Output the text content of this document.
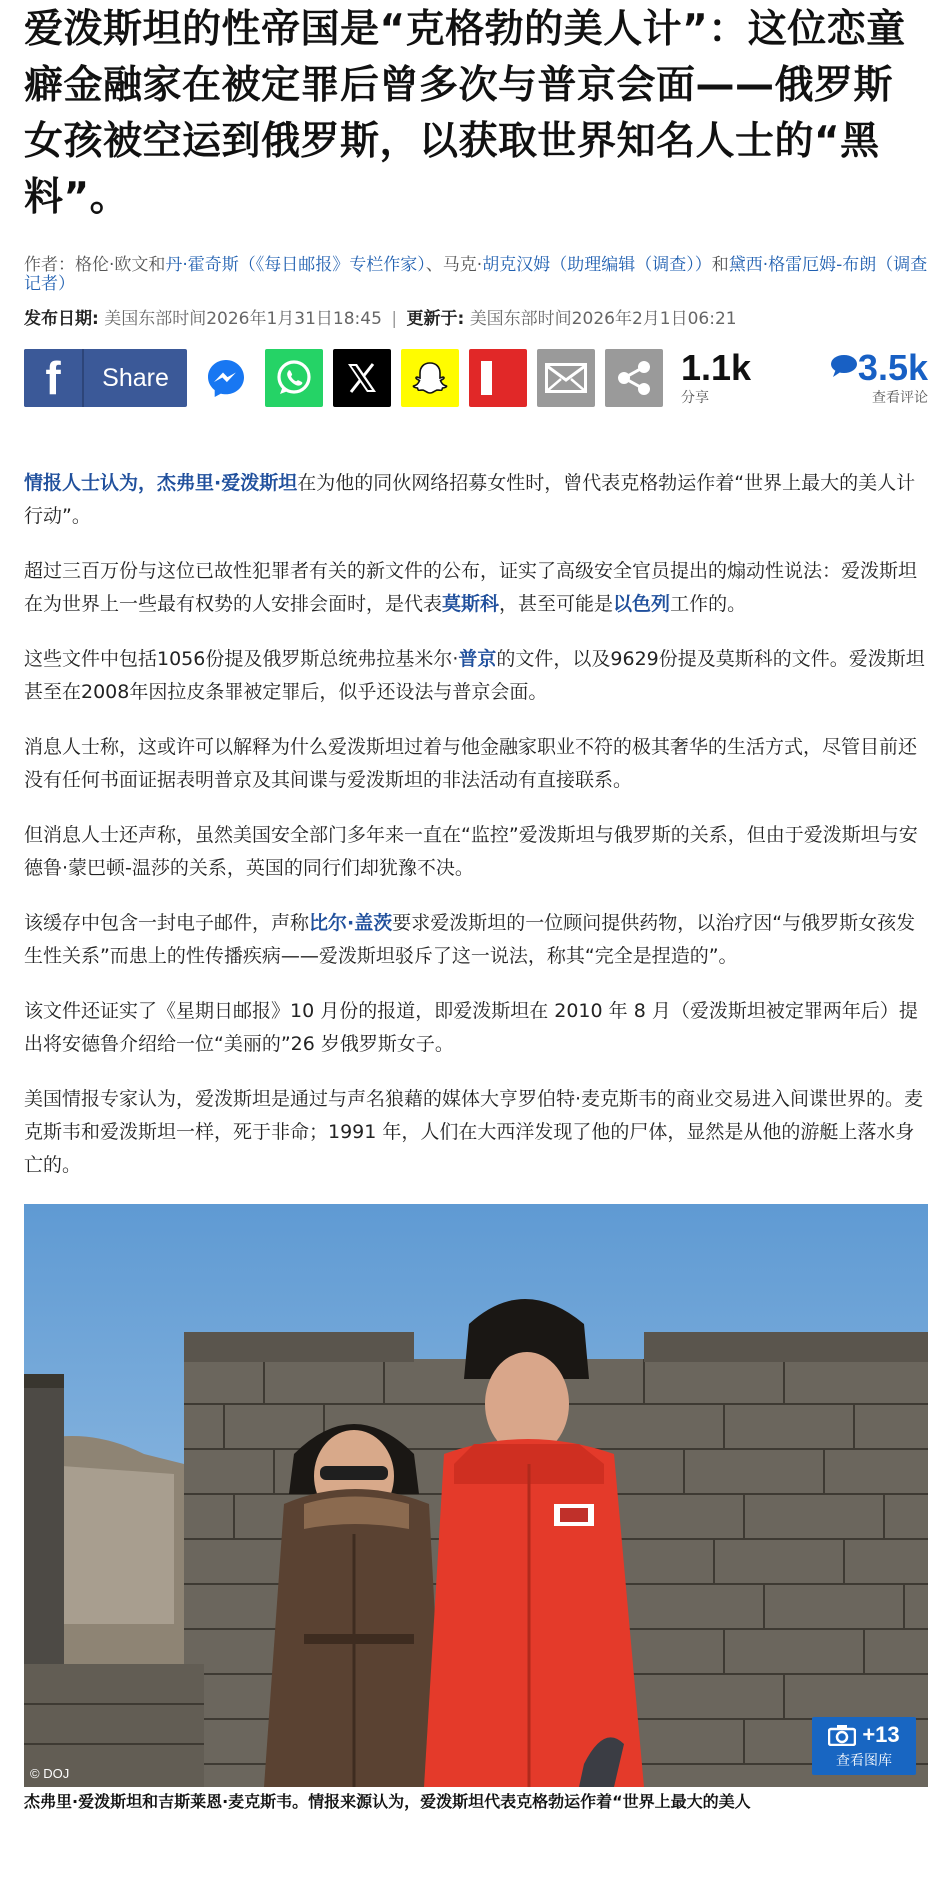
爱泼斯坦的性帝国是“克格勃的美人计”：这位恋童癖金融家在被定罪后曾多次与普京会面——俄罗斯女孩被空运到俄罗斯，以获取世界知名人士的“黑料”。
作者：格伦·欧文和丹·霍奇斯（《每日邮报》专栏作家）、马克·胡克汉姆（助理编辑（调查））和黛西·格雷厄姆-布朗（调查记者）
发布日期: 美国东部时间2026年1月31日18:45 | 更新于: 美国东部时间2026年2月1日06:21
f	Share	1.1k
分享
3.5k
查看评论

情报人士认为，杰弗里·爱泼斯坦在为他的同伙网络招募女性时，曾代表克格勃运作着“世界上最大的美人计行动”。

超过三百万份与这位已故性犯罪者有关的新文件的公布，证实了高级安全官员提出的煽动性说法：爱泼斯坦在为世界上一些最有权势的人安排会面时，是代表莫斯科，甚至可能是以色列工作的。

这些文件中包括1056份提及俄罗斯总统弗拉基米尔·普京的文件，以及9629份提及莫斯科的文件。爱泼斯坦甚至在2008年因拉皮条罪被定罪后，似乎还设法与普京会面。

消息人士称，这或许可以解释为什么爱泼斯坦过着与他金融家职业不符的极其奢华的生活方式，尽管目前还没有任何书面证据表明普京及其间谍与爱泼斯坦的非法活动有直接联系。

但消息人士还声称，虽然美国安全部门多年来一直在“监控”爱泼斯坦与俄罗斯的关系，但由于爱泼斯坦与安德鲁·蒙巴顿-温莎的关系，英国的同行们却犹豫不决。

该缓存中包含一封电子邮件，声称比尔·盖茨要求爱泼斯坦的一位顾问提供药物，以治疗因“与俄罗斯女孩发生性关系”而患上的性传播疾病——爱泼斯坦驳斥了这一说法，称其“完全是捏造的”。

该文件还证实了《星期日邮报》10 月份的报道，即爱泼斯坦在 2010 年 8 月（爱泼斯坦被定罪两年后）提出将安德鲁介绍给一位“美丽的”26 岁俄罗斯女子。

美国情报专家认为，爱泼斯坦是通过与声名狼藉的媒体大亨罗伯特·麦克斯韦的商业交易进入间谍世界的。麦克斯韦和爱泼斯坦一样，死于非命；1991 年，人们在大西洋发现了他的尸体，显然是从他的游艇上落水身亡的。

© DOJ
+13
查看图库
杰弗里·爱泼斯坦和吉斯莱恩·麦克斯韦。情报来源认为，爱泼斯坦代表克格勃运作着“世界上最大的美人
